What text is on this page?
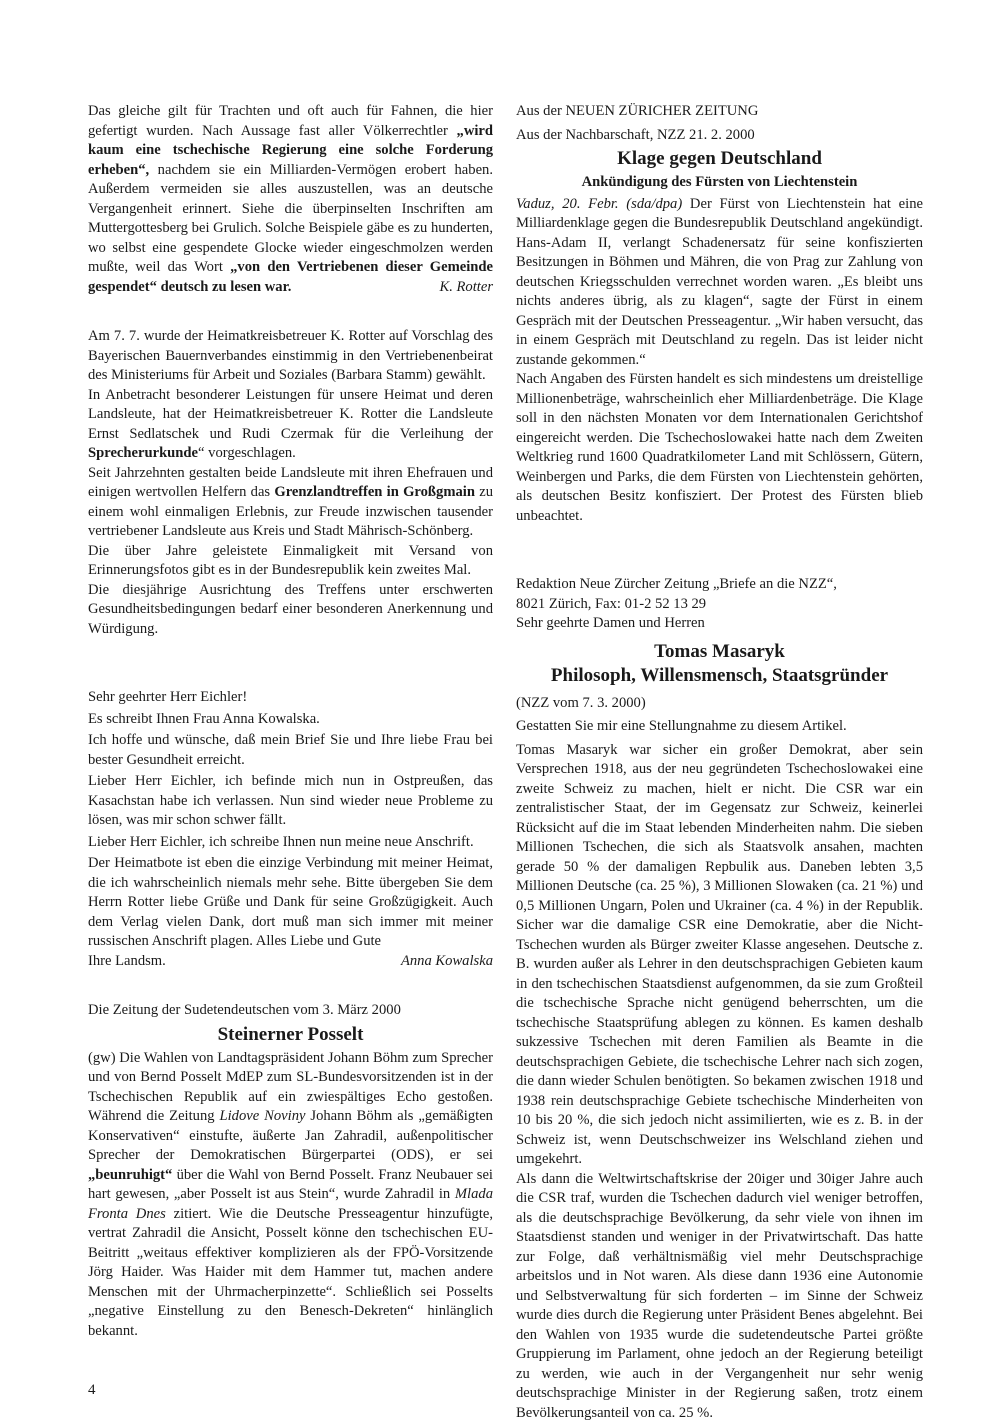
Das gleiche gilt für Trachten und oft auch für Fahnen, die hier gefertigt wurden. Nach Aussage fast aller Völkerrechtler „wird kaum eine tschechische Regierung eine solche Forderung erheben“, nachdem sie ein Milliarden-Vermögen erobert haben. Außerdem vermeiden sie alles auszustellen, was an deutsche Vergangenheit erinnert. Siehe die überpinselten Inschriften am Muttergottesberg bei Grulich. Solche Beispiele gäbe es zu hunderten, wo selbst eine gespendete Glocke wieder eingeschmolzen werden mußte, weil das Wort „von den Vertriebenen dieser Gemeinde gespendet“ deutsch zu lesen war.	K. Rotter

Am 7. 7. wurde der Heimatkreisbetreuer K. Rotter auf Vorschlag des Bayerischen Bauernverbandes einstimmig in den Vertriebenenbeirat des Ministeriums für Arbeit und Soziales (Barbara Stamm) gewählt.

In Anbetracht besonderer Leistungen für unsere Heimat und deren Landsleute, hat der Heimatkreisbetreuer K. Rotter die Landsleute Ernst Sedlatschek und Rudi Czermak für die Verleihung der Sprecherurkunde“ vorgeschlagen.

Seit Jahrzehnten gestalten beide Landsleute mit ihren Ehefrauen und einigen wertvollen Helfern das Grenzlandtreffen in Großgmain zu einem wohl einmaligen Erlebnis, zur Freude inzwischen tausender vertriebener Landsleute aus Kreis und Stadt Mährisch-Schönberg.

Die über Jahre geleistete Einmaligkeit mit Versand von Erinnerungsfotos gibt es in der Bundesrepublik kein zweites Mal.

Die diesjährige Ausrichtung des Treffens unter erschwerten Gesundheitsbedingungen bedarf einer besonderen Anerkennung und Würdigung.

Sehr geehrter Herr Eichler!

Es schreibt Ihnen Frau Anna Kowalska.

Ich hoffe und wünsche, daß mein Brief Sie und Ihre liebe Frau bei bester Gesundheit erreicht.

Lieber Herr Eichler, ich befinde mich nun in Ostpreußen, das Kasachstan habe ich verlassen. Nun sind wieder neue Probleme zu lösen, was mir schon schwer fällt.

Lieber Herr Eichler, ich schreibe Ihnen nun meine neue Anschrift.

Der Heimatbote ist eben die einzige Verbindung mit meiner Heimat, die ich wahrscheinlich niemals mehr sehe. Bitte übergeben Sie dem Herrn Rotter liebe Grüße und Dank für seine Großzügigkeit. Auch dem Verlag vielen Dank, dort muß man sich immer mit meiner russischen Anschrift plagen. Alles Liebe und Gute

Ihre Landsm.	Anna Kowalska

Die Zeitung der Sudetendeutschen vom 3. März 2000

Steinerner Posselt

(gw) Die Wahlen von Landtagspräsident Johann Böhm zum Sprecher und von Bernd Posselt MdEP zum SL-Bundesvorsitzenden ist in der Tschechischen Republik auf ein zwiespältiges Echo gestoßen. Während die Zeitung Lidove Noviny Johann Böhm als „gemäßigten Konservativen“ einstufte, äußerte Jan Zahradil, außenpolitischer Sprecher der Demokratischen Bürgerpartei (ODS), er sei „beunruhigt“ über die Wahl von Bernd Posselt. Franz Neubauer sei hart gewesen, „aber Posselt ist aus Stein“, wurde Zahradil in Mlada Fronta Dnes zitiert. Wie die Deutsche Presseagentur hinzufügte, vertrat Zahradil die Ansicht, Posselt könne den tschechischen EU-Beitritt „weitaus effektiver komplizieren als der FPÖ-Vorsitzende Jörg Haider. Was Haider mit dem Hammer tut, machen andere Menschen mit der Uhrmacherpinzette“. Schließlich sei Posselts „negative Einstellung zu den Benesch-Dekreten“ hinlänglich bekannt.

Aus der NEUEN ZÜRICHER ZEITUNG

Aus der Nachbarschaft, NZZ 21. 2. 2000

Klage gegen Deutschland
Ankündigung des Fürsten von Liechtenstein

Vaduz, 20. Febr. (sda/dpa) Der Fürst von Liechtenstein hat eine Milliardenklage gegen die Bundesrepublik Deutschland angekündigt. Hans-Adam II, verlangt Schadenersatz für seine konfiszierten Besitzungen in Böhmen und Mähren, die von Prag zur Zahlung von deutschen Kriegsschulden verrechnet worden waren. „Es bleibt uns nichts anderes übrig, als zu klagen“, sagte der Fürst in einem Gespräch mit der Deutschen Presseagentur. „Wir haben versucht, das in einem Gespräch mit Deutschland zu regeln. Das ist leider nicht zustande gekommen.“

Nach Angaben des Fürsten handelt es sich mindestens um dreistellige Millionenbeträge, wahrscheinlich eher Milliardenbeträge. Die Klage soll in den nächsten Monaten vor dem Internationalen Gerichtshof eingereicht werden. Die Tschechoslowakei hatte nach dem Zweiten Weltkrieg rund 1600 Quadratkilometer Land mit Schlössern, Gütern, Weinbergen und Parks, die dem Fürsten von Liechtenstein gehörten, als deutschen Besitz konfisziert. Der Protest des Fürsten blieb unbeachtet.

Redaktion Neue Zürcher Zeitung „Briefe an die NZZ“,

8021 Zürich, Fax: 01-2 52 13 29

Sehr geehrte Damen und Herren

Tomas Masaryk
Philosoph, Willensmensch, Staatsgründer

(NZZ vom 7. 3. 2000)

Gestatten Sie mir eine Stellungnahme zu diesem Artikel.

Tomas Masaryk war sicher ein großer Demokrat, aber sein Versprechen 1918, aus der neu gegründeten Tschechoslowakei eine zweite Schweiz zu machen, hielt er nicht. Die CSR war ein zentralistischer Staat, der im Gegensatz zur Schweiz, keinerlei Rücksicht auf die im Staat lebenden Minderheiten nahm. Die sieben Millionen Tschechen, die sich als Staatsvolk ansahen, machten gerade 50 % der damaligen Repbulik aus. Daneben lebten 3,5 Millionen Deutsche (ca. 25 %), 3 Millionen Slowaken (ca. 21 %) und 0,5 Millionen Ungarn, Polen und Ukrainer (ca. 4 %) in der Republik. Sicher war die damalige CSR eine Demokratie, aber die Nicht-Tschechen wurden als Bürger zweiter Klasse angesehen. Deutsche z. B. wurden außer als Lehrer in den deutschsprachigen Gebieten kaum in den tschechischen Staatsdienst aufgenommen, da sie zum Großteil die tschechische Sprache nicht genügend beherrschten, um die tschechische Staatsprüfung ablegen zu können. Es kamen deshalb sukzessive Tschechen mit deren Familien als Beamte in die deutschsprachigen Gebiete, die tschechische Lehrer nach sich zogen, die dann wieder Schulen benötigten. So bekamen zwischen 1918 und 1938 rein deutschsprachige Gebiete tschechische Minderheiten von 10 bis 20 %, die sich jedoch nicht assimilierten, wie es z. B. in der Schweiz ist, wenn Deutschschweizer ins Welschland ziehen und umgekehrt.

Als dann die Weltwirtschaftskrise der 20iger und 30iger Jahre auch die CSR traf, wurden die Tschechen dadurch viel weniger betroffen, als die deutschsprachige Bevölkerung, da sehr viele von ihnen im Staatsdienst standen und weniger in der Privatwirtschaft. Das hatte zur Folge, daß verhältnismäßig viel mehr Deutschsprachige arbeitslos und in Not waren. Als diese dann 1936 eine Autonomie und Selbstverwaltung für sich forderten – im Sinne der Schweiz wurde dies durch die Regierung unter Präsident Benes abgelehnt. Bei den Wahlen von 1935 wurde die sudetendeutsche Partei größte Gruppierung im Parlament, ohne jedoch an der Regierung beteiligt zu werden, wie auch in der Vergangenheit nur sehr wenig deutschsprachige Minister in der Regierung saßen, trotz einem Bevölkerungsanteil von ca. 25 %.

4
